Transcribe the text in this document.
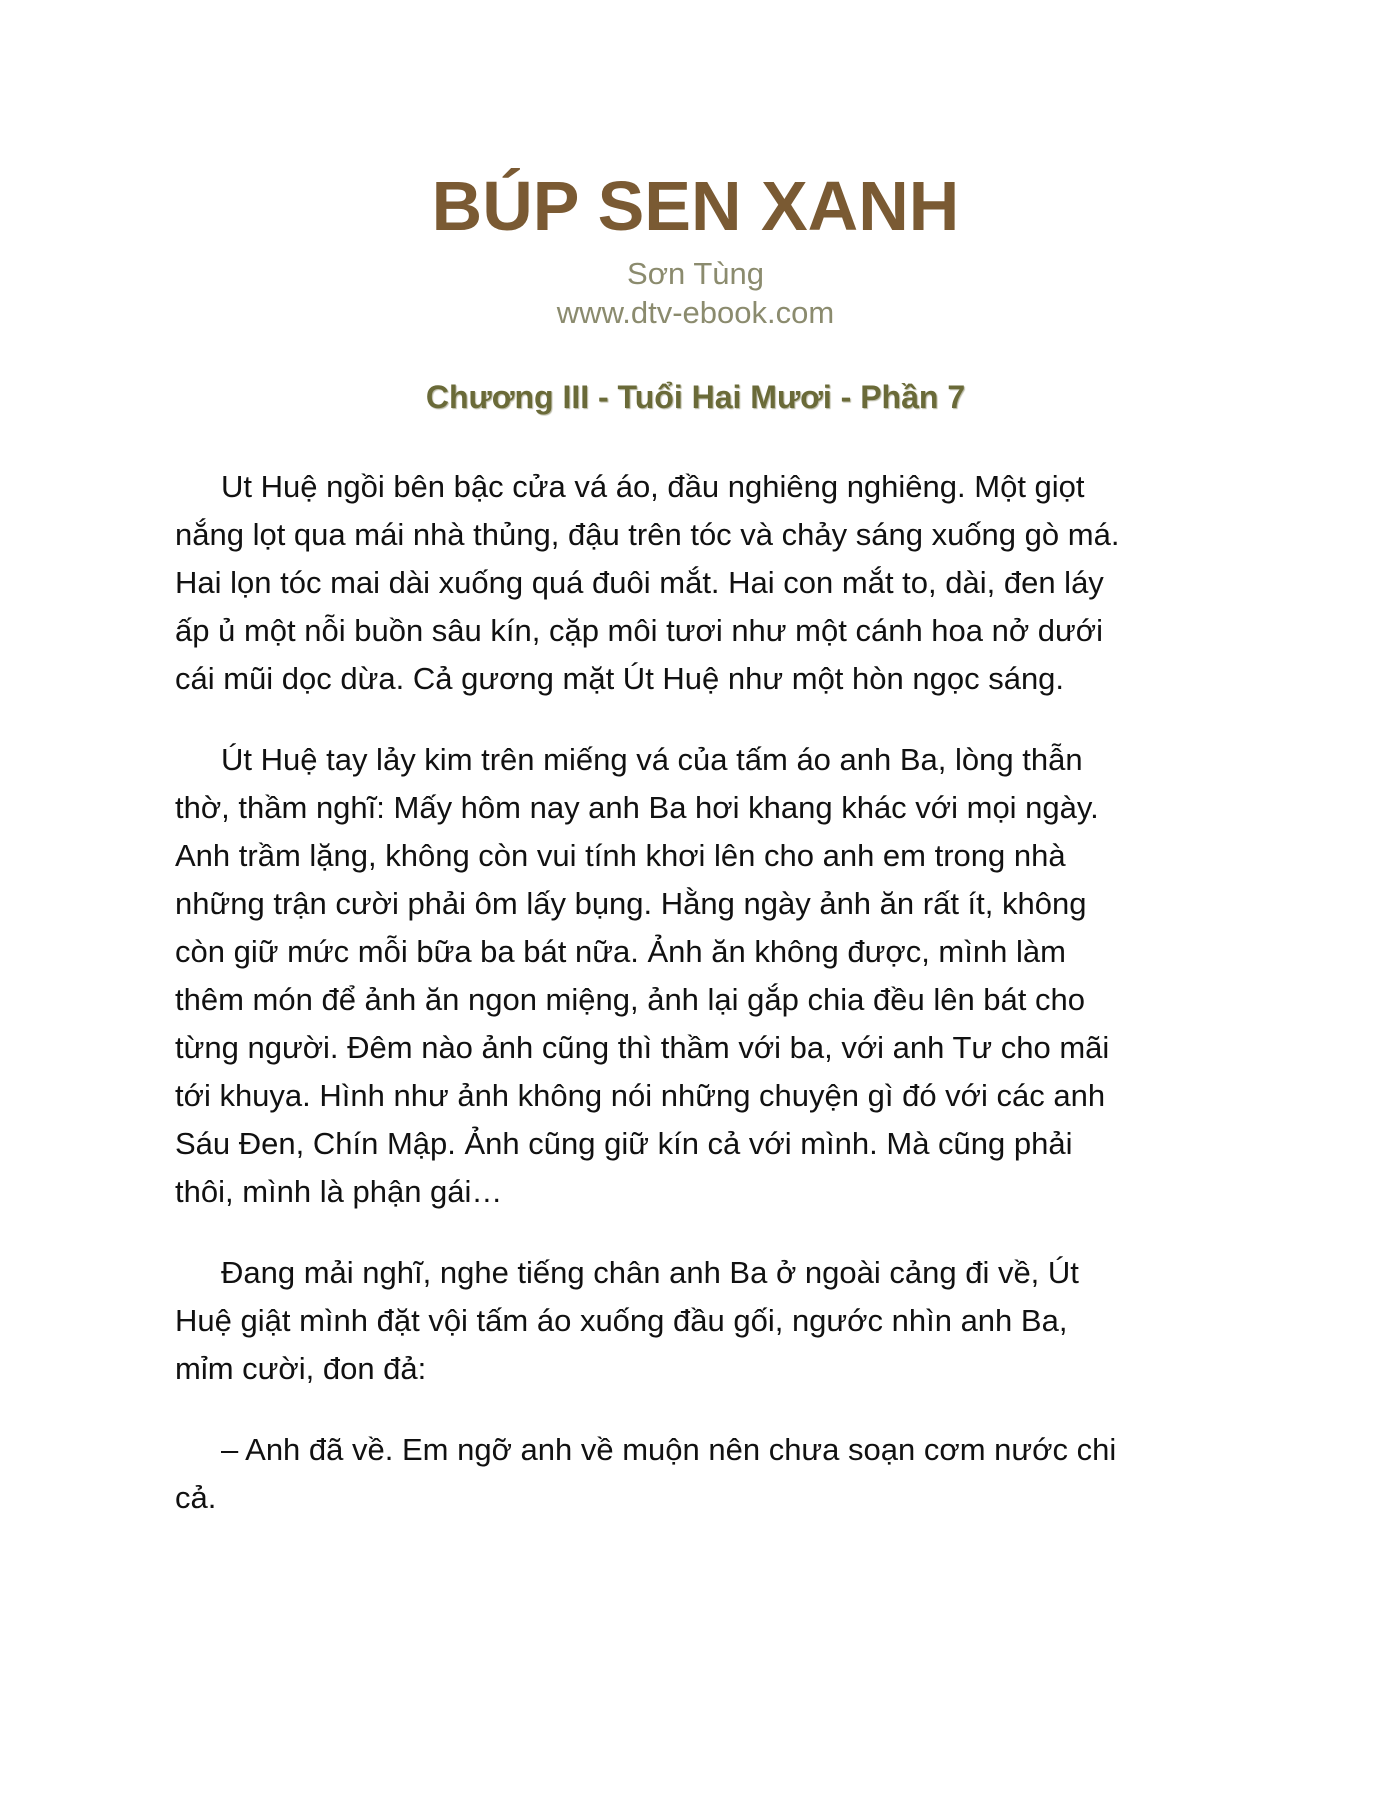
BÚP SEN XANH
Sơn Tùng
www.dtv-ebook.com
Chương III - Tuổi Hai Mươi - Phần 7
Ut Huệ ngồi bên bậc cửa vá áo, đầu nghiêng nghiêng. Một giọt
nắng lọt qua mái nhà thủng, đậu trên tóc và chảy sáng xuống gò má.
Hai lọn tóc mai dài xuống quá đuôi mắt. Hai con mắt to, dài, đen láy
ấp ủ một nỗi buồn sâu kín, cặp môi tươi như một cánh hoa nở dưới
cái mũi dọc dừa. Cả gương mặt Út Huệ như một hòn ngọc sáng.
Út Huệ tay lảy kim trên miếng vá của tấm áo anh Ba, lòng thẫn
thờ, thầm nghĩ: Mấy hôm nay anh Ba hơi khang khác với mọi ngày.
Anh trầm lặng, không còn vui tính khơi lên cho anh em trong nhà
những trận cười phải ôm lấy bụng. Hằng ngày ảnh ăn rất ít, không
còn giữ mức mỗi bữa ba bát nữa. Ảnh ăn không được, mình làm
thêm món để ảnh ăn ngon miệng, ảnh lại gắp chia đều lên bát cho
từng người. Đêm nào ảnh cũng thì thầm với ba, với anh Tư cho mãi
tới khuya. Hình như ảnh không nói những chuyện gì đó với các anh
Sáu Đen, Chín Mập. Ảnh cũng giữ kín cả với mình. Mà cũng phải
thôi, mình là phận gái…
Đang mải nghĩ, nghe tiếng chân anh Ba ở ngoài cảng đi về, Út
Huệ giật mình đặt vội tấm áo xuống đầu gối, ngước nhìn anh Ba,
mỉm cười, đon đả:
– Anh đã về. Em ngỡ anh về muộn nên chưa soạn cơm nước chi
cả.
